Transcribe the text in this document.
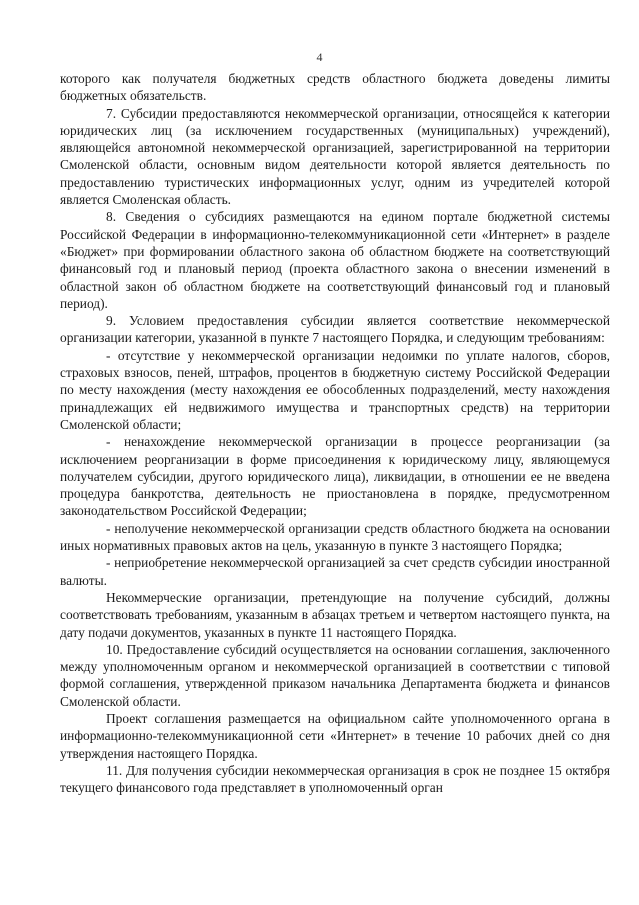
4

которого как получателя бюджетных средств областного бюджета доведены лимиты бюджетных обязательств.

7. Субсидии предоставляются некоммерческой организации, относящейся к категории юридических лиц (за исключением государственных (муниципальных) учреждений), являющейся автономной некоммерческой организацией, зарегистрированной на территории Смоленской области, основным видом деятельности которой является деятельность по предоставлению туристических информационных услуг, одним из учредителей которой является Смоленская область.

8. Сведения о субсидиях размещаются на едином портале бюджетной системы Российской Федерации в информационно-телекоммуникационной сети «Интернет» в разделе «Бюджет» при формировании областного закона об областном бюджете на соответствующий финансовый год и плановый период (проекта областного закона о внесении изменений в областной закон об областном бюджете на соответствующий финансовый год и плановый период).

9. Условием предоставления субсидии является соответствие некоммерческой организации категории, указанной в пункте 7 настоящего Порядка, и следующим требованиям:

- отсутствие у некоммерческой организации недоимки по уплате налогов, сборов, страховых взносов, пеней, штрафов, процентов в бюджетную систему Российской Федерации по месту нахождения (месту нахождения ее обособленных подразделений, месту нахождения принадлежащих ей недвижимого имущества и транспортных средств) на территории Смоленской области;

- ненахождение некоммерческой организации в процессе реорганизации (за исключением реорганизации в форме присоединения к юридическому лицу, являющемуся получателем субсидии, другого юридического лица), ликвидации, в отношении ее не введена процедура банкротства, деятельность не приостановлена в порядке, предусмотренном законодательством Российской Федерации;

- неполучение некоммерческой организации средств областного бюджета на основании иных нормативных правовых актов на цель, указанную в пункте 3 настоящего Порядка;

- неприобретение некоммерческой организацией за счет средств субсидии иностранной валюты.

Некоммерческие организации, претендующие на получение субсидий, должны соответствовать требованиям, указанным в абзацах третьем и четвертом настоящего пункта, на дату подачи документов, указанных в пункте 11 настоящего Порядка.

10. Предоставление субсидий осуществляется на основании соглашения, заключенного между уполномоченным органом и некоммерческой организацией в соответствии с типовой формой соглашения, утвержденной приказом начальника Департамента бюджета и финансов Смоленской области.

Проект соглашения размещается на официальном сайте уполномоченного органа в информационно-телекоммуникационной сети «Интернет» в течение 10 рабочих дней со дня утверждения настоящего Порядка.

11. Для получения субсидии некоммерческая организация в срок не позднее 15 октября текущего финансового года представляет в уполномоченный орган
